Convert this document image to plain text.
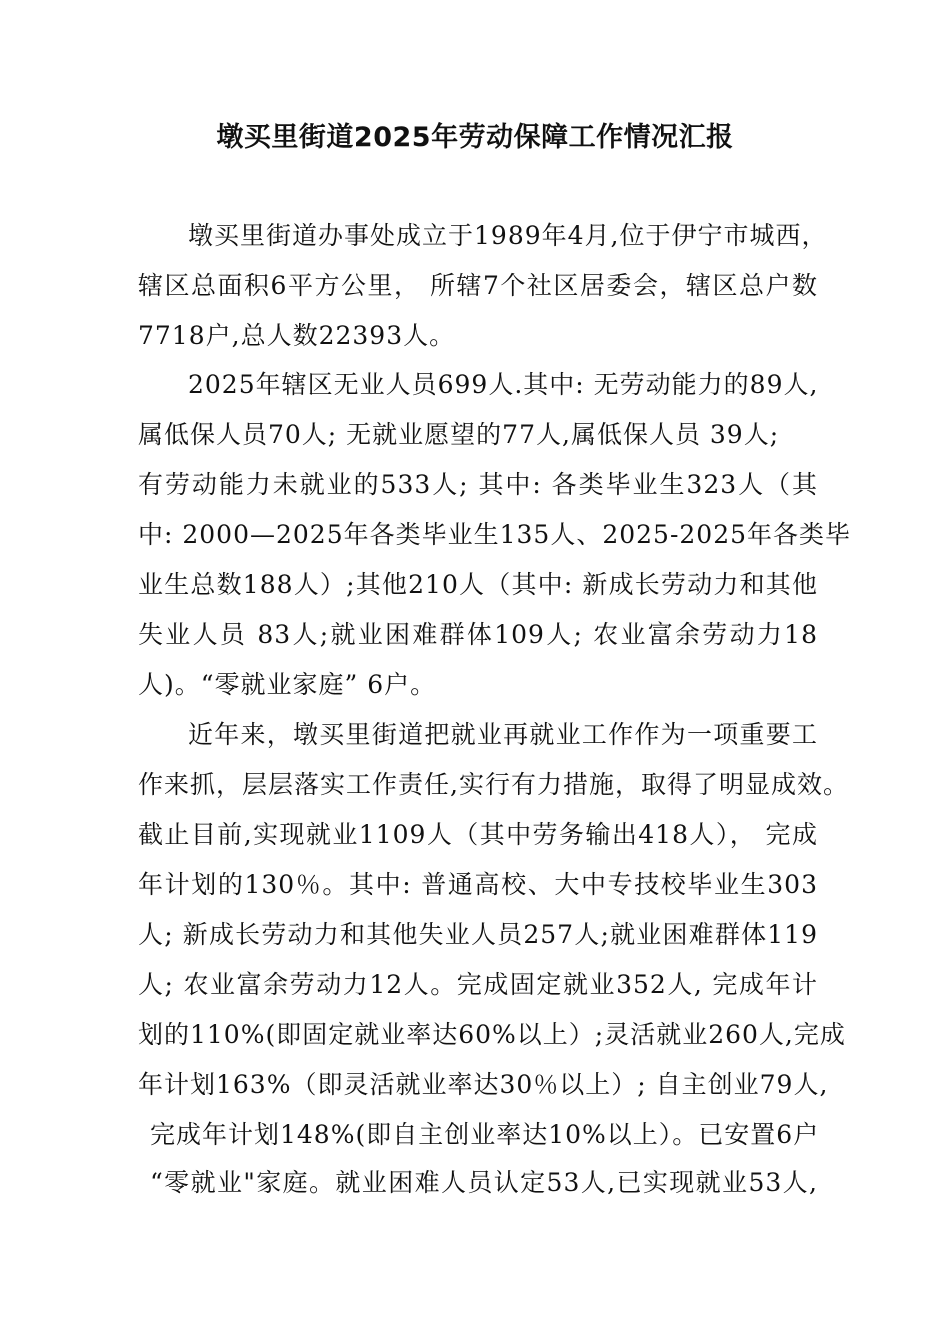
墩买里街道2025年劳动保障工作情况汇报
墩买里街道办事处成立于1989年4月,位于伊宁市城西，
辖区总面积6平方公里， 所辖7个社区居委会，辖区总户数
7718户,总人数22393人。
2025年辖区无业人员699人.其中: 无劳动能力的89人,
属低保人员70人; 无就业愿望的77人,属低保人员 39人;
有劳动能力未就业的533人; 其中: 各类毕业生323人（其
中: 2000—2025年各类毕业生135人、2025-2025年各类毕
业生总数188人）;其他210人（其中: 新成长劳动力和其他
失业人员 83人;就业困难群体109人; 农业富余劳动力18
人)。“零就业家庭” 6户。
近年来，墩买里街道把就业再就业工作作为一项重要工
作来抓，层层落实工作责任,实行有力措施，取得了明显成效。
截止目前,实现就业1109人（其中劳务输出418人）， 完成
年计划的130％。其中: 普通高校、大中专技校毕业生303
人; 新成长劳动力和其他失业人员257人;就业困难群体119
人; 农业富余劳动力12人。完成固定就业352人, 完成年计
划的110%(即固定就业率达60%以上）;灵活就业260人,完成
年计划163%（即灵活就业率达30％以上）; 自主创业79人,
完成年计划148%(即自主创业率达10%以上）。已安置6户
“零就业"家庭。就业困难人员认定53人,已实现就业53人,
